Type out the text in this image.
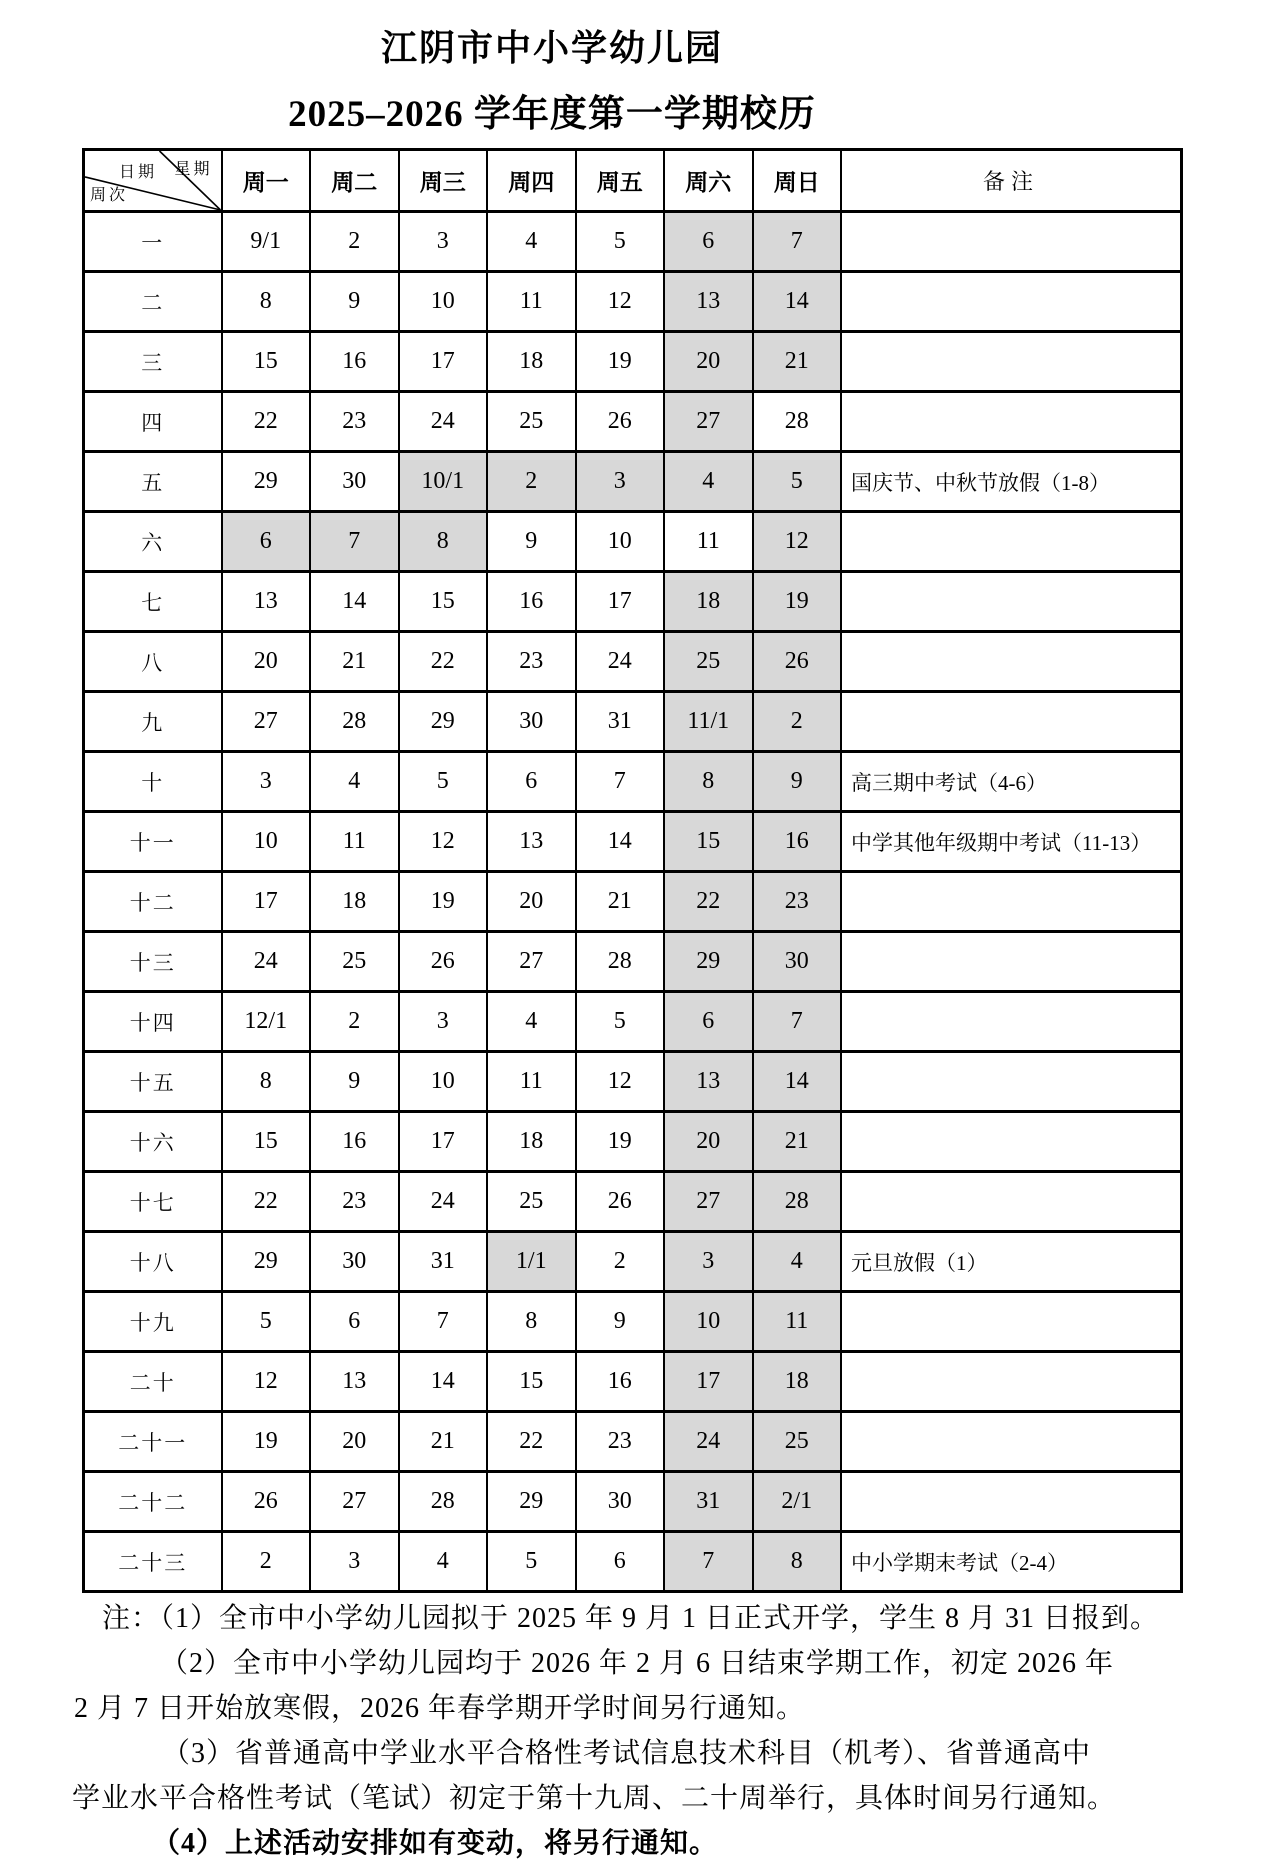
江阴市中小学幼儿园
2025–2026 学年度第一学期校历
日期 星期
周次	周一	周二	周三	周四	周五	周六	周日	备注
一	9/1	2	3	4	5	6	7	
二	8	9	10	11	12	13	14	
三	15	16	17	18	19	20	21	
四	22	23	24	25	26	27	28	
五	29	30	10/1	2	3	4	5	国庆节、中秋节放假（1-8）
六	6	7	8	9	10	11	12	
七	13	14	15	16	17	18	19	
八	20	21	22	23	24	25	26	
九	27	28	29	30	31	11/1	2	
十	3	4	5	6	7	8	9	高三期中考试（4-6）
十一	10	11	12	13	14	15	16	中学其他年级期中考试（11-13）
十二	17	18	19	20	21	22	23	
十三	24	25	26	27	28	29	30	
十四	12/1	2	3	4	5	6	7	
十五	8	9	10	11	12	13	14	
十六	15	16	17	18	19	20	21	
十七	22	23	24	25	26	27	28	
十八	29	30	31	1/1	2	3	4	元旦放假（1）
十九	5	6	7	8	9	10	11	
二十	12	13	14	15	16	17	18	
二十一	19	20	21	22	23	24	25	
二十二	26	27	28	29	30	31	2/1	
二十三	2	3	4	5	6	7	8	中小学期末考试（2-4）
注：（1）全市中小学幼儿园拟于 2025 年 9 月 1 日正式开学，学生 8 月 31 日报到。
（2）全市中小学幼儿园均于 2026 年 2 月 6 日结束学期工作，初定 2026 年
2 月 7 日开始放寒假，2026 年春学期开学时间另行通知。
（3）省普通高中学业水平合格性考试信息技术科目（机考）、省普通高中
学业水平合格性考试（笔试）初定于第十九周、二十周举行，具体时间另行通知。
（4）上述活动安排如有变动，将另行通知。
